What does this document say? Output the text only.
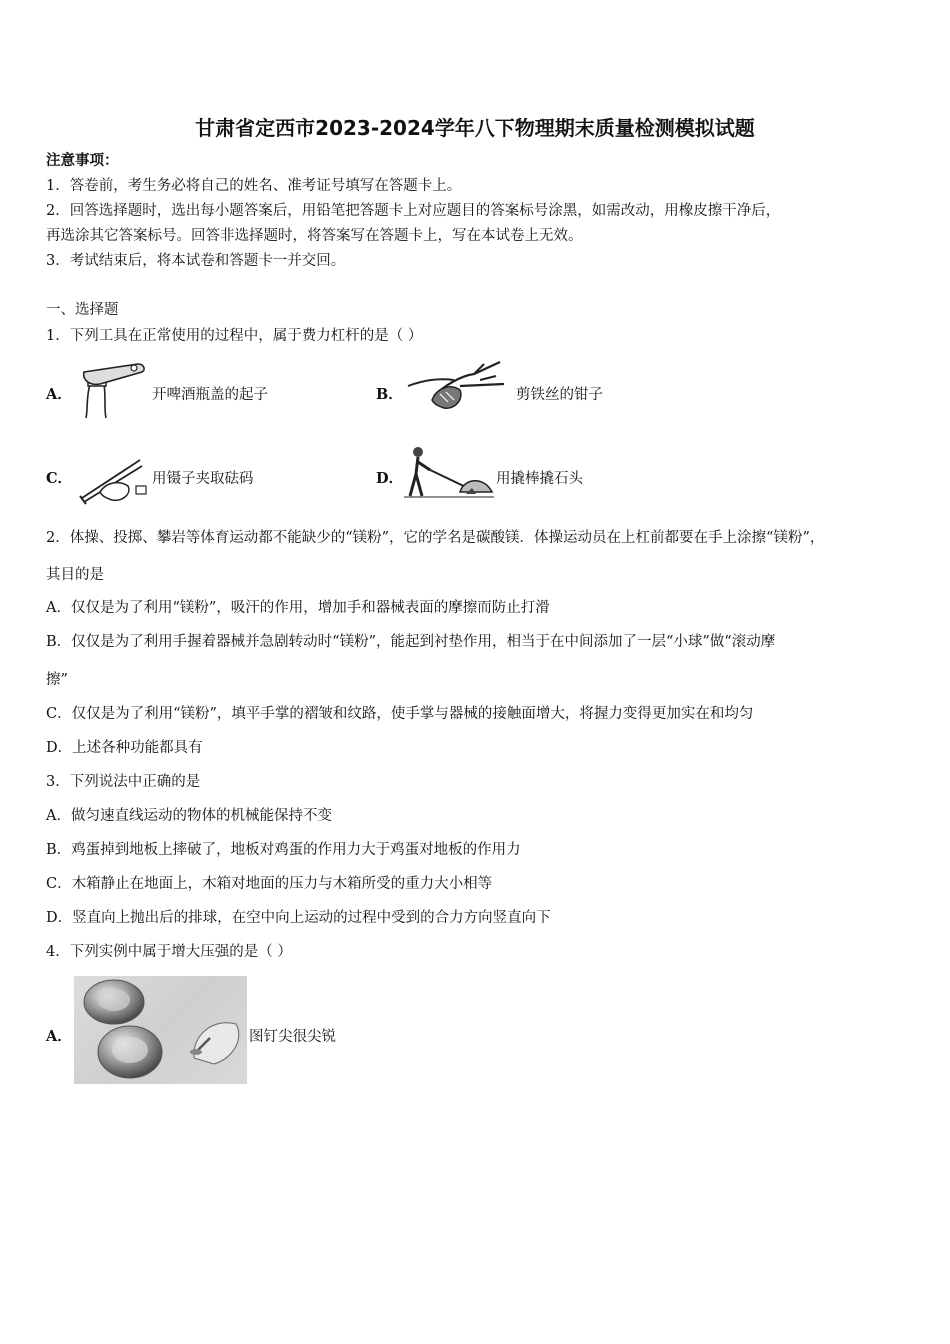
甘肃省定西市2023-2024学年八下物理期末质量检测模拟试题
注意事项：
1．答卷前，考生务必将自己的姓名、准考证号填写在答题卡上。
2．回答选择题时，选出每小题答案后，用铅笔把答题卡上对应题目的答案标号涂黑，如需改动，用橡皮擦干净后，
再选涂其它答案标号。回答非选择题时，将答案写在答题卡上，写在本试卷上无效。
3．考试结束后，将本试卷和答题卡一并交回。
一、选择题
1．下列工具在正常使用的过程中，属于费力杠杆的是（ ）
A．	开啤酒瓶盖的起子	B．	剪铁丝的钳子
C．	用镊子夹取砝码	D．	用撬棒撬石头
2．体操、投掷、攀岩等体育运动都不能缺少的“镁粉”，它的学名是碳酸镁．体操运动员在上杠前都要在手上涂擦“镁粉”，
其目的是
A．仅仅是为了利用“镁粉”，吸汗的作用，增加手和器械表面的摩擦而防止打滑
B．仅仅是为了利用手握着器械并急剧转动时“镁粉”，能起到衬垫作用，相当于在中间添加了一层“小球”做“滚动摩
擦”
C．仅仅是为了利用“镁粉”，填平手掌的褶皱和纹路，使手掌与器械的接触面增大，将握力变得更加实在和均匀
D．上述各种功能都具有
3．下列说法中正确的是
A．做匀速直线运动的物体的机械能保持不变
B．鸡蛋掉到地板上摔破了，地板对鸡蛋的作用力大于鸡蛋对地板的作用力
C．木箱静止在地面上，木箱对地面的压力与木箱所受的重力大小相等
D．竖直向上抛出后的排球，在空中向上运动的过程中受到的合力方向竖直向下
4．下列实例中属于增大压强的是（ ）
A．	图钉尖很尖锐
